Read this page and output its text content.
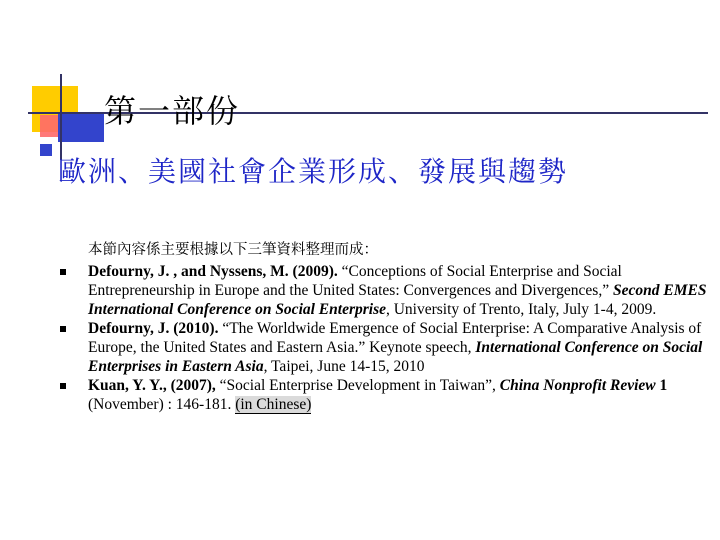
第一部份
歐洲、美國社會企業形成、發展與趨勢
本節內容係主要根據以下三筆資料整理而成：
Defourny, J. , and Nyssens, M. (2009). “Conceptions of Social Enterprise and Social Entrepreneurship in Europe and the United States: Convergences and Divergences,” Second EMES International Conference on Social Enterprise, University of Trento, Italy, July 1-4, 2009.
Defourny, J. (2010). “The Worldwide Emergence of Social Enterprise: A Comparative Analysis of Europe, the United States and Eastern Asia.” Keynote speech, International Conference on Social Enterprises in Eastern Asia, Taipei, June 14-15, 2010
Kuan, Y. Y., (2007), “Social Enterprise Development in Taiwan”, China Nonprofit Review 1 (November) : 146-181. (in Chinese)
